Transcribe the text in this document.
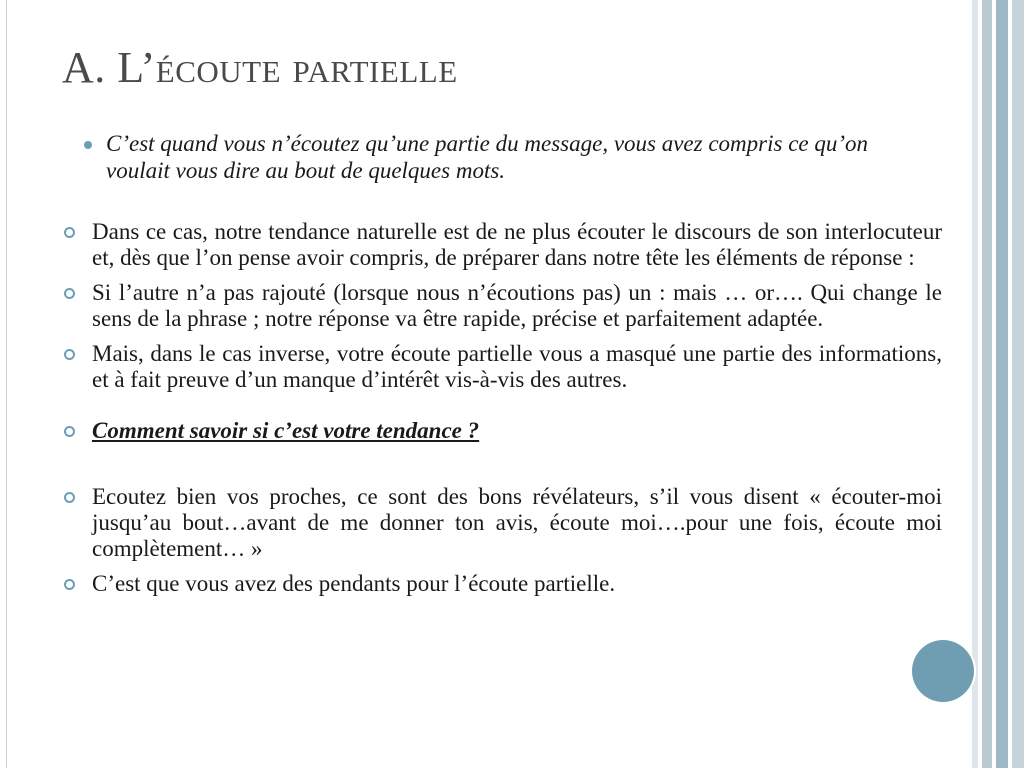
A. L’écoute partielle
C’est quand vous n’écoutez qu’une partie du message, vous avez compris ce qu’on voulait vous dire au bout de quelques mots.
Dans ce cas, notre tendance naturelle est de ne plus écouter le discours de son interlocuteur et, dès que l’on pense avoir compris, de préparer dans notre tête les éléments de réponse :
Si l’autre n’a pas rajouté (lorsque nous n’écoutions pas) un : mais … or…. Qui change le sens de la phrase ; notre réponse va être rapide, précise et parfaitement adaptée.
Mais, dans le cas inverse, votre écoute partielle vous a masqué une partie des informations, et à fait preuve d’un manque d’intérêt vis-à-vis des autres.
Comment savoir si c’est votre tendance ?
Ecoutez bien vos proches, ce sont des bons révélateurs, s’il vous disent « écouter-moi jusqu’au bout…avant de me donner ton avis, écoute moi….pour une fois, écoute moi complètement… »
C’est que vous avez des pendants pour l’écoute partielle.
